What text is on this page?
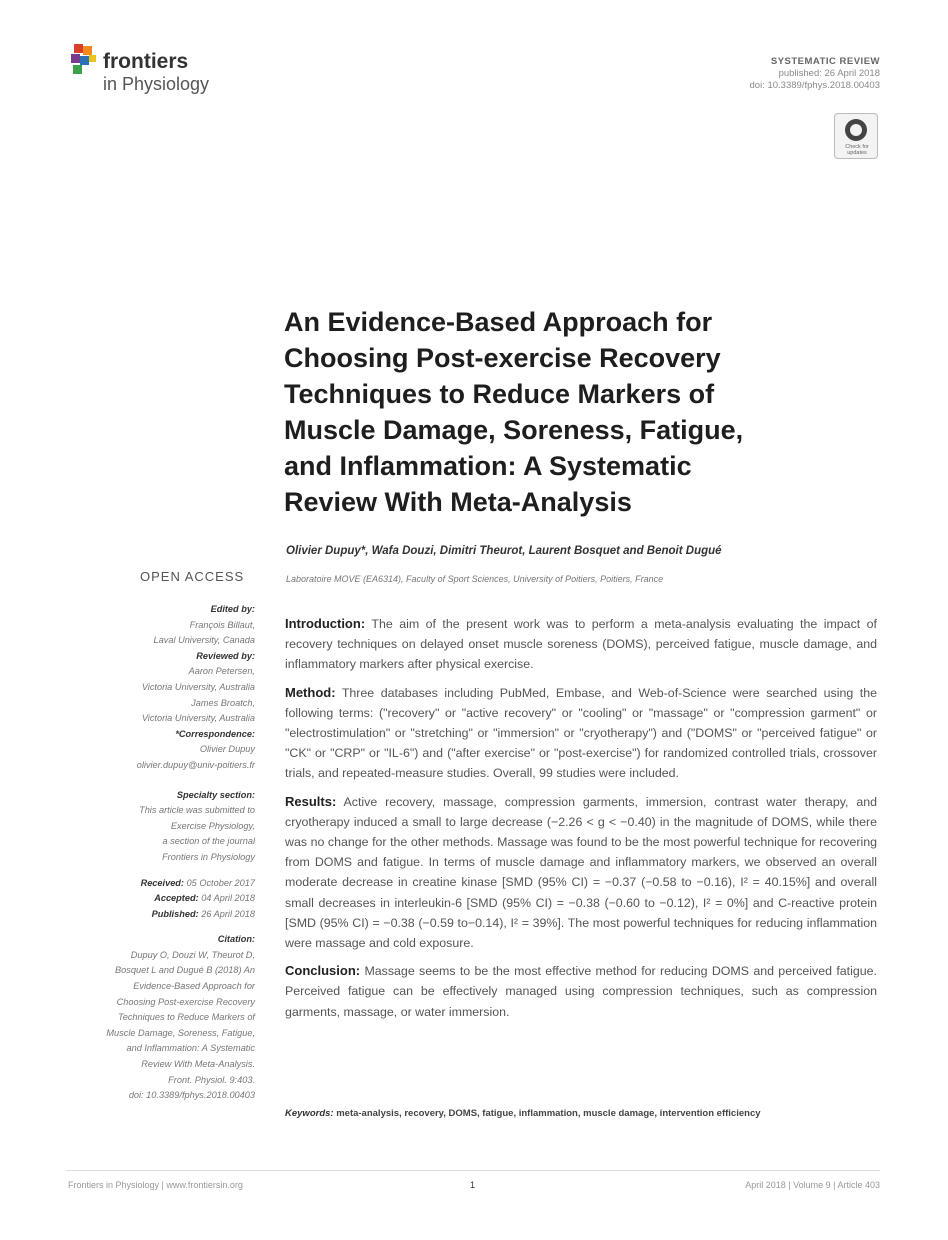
frontiers
in Physiology
SYSTEMATIC REVIEW
published: 26 April 2018
doi: 10.3389/fphys.2018.00403
Check for updates
An Evidence-Based Approach for
Choosing Post-exercise Recovery
Techniques to Reduce Markers of
Muscle Damage, Soreness, Fatigue,
and Inflammation: A Systematic
Review With Meta-Analysis
Olivier Dupuy*, Wafa Douzi, Dimitri Theurot, Laurent Bosquet and Benoit Dugué
Laboratoire MOVE (EA6314), Faculty of Sport Sciences, University of Poitiers, Poitiers, France
OPEN ACCESS
Edited by:
François Billaut,
Laval University, Canada
Reviewed by:
Aaron Petersen,
Victoria University, Australia
James Broatch,
Victoria University, Australia
*Correspondence:
Olivier Dupuy
olivier.dupuy@univ-poitiers.fr
Specialty section:
This article was submitted to
Exercise Physiology,
a section of the journal
Frontiers in Physiology
Received: 05 October 2017
Accepted: 04 April 2018
Published: 26 April 2018
Citation:
Dupuy O, Douzi W, Theurot D,
Bosquet L and Dugué B (2018) An
Evidence-Based Approach for
Choosing Post-exercise Recovery
Techniques to Reduce Markers of
Muscle Damage, Soreness, Fatigue,
and Inflammation: A Systematic
Review With Meta-Analysis.
Front. Physiol. 9:403.
doi: 10.3389/fphys.2018.00403

Introduction: The aim of the present work was to perform a meta-analysis evaluating the impact of recovery techniques on delayed onset muscle soreness (DOMS), perceived fatigue, muscle damage, and inflammatory markers after physical exercise.

Method: Three databases including PubMed, Embase, and Web-of-Science were searched using the following terms: ("recovery" or "active recovery" or "cooling" or "massage" or "compression garment" or "electrostimulation" or "stretching" or "immersion" or "cryotherapy") and ("DOMS" or "perceived fatigue" or "CK" or "CRP" or "IL-6") and ("after exercise" or "post-exercise") for randomized controlled trials, crossover trials, and repeated-measure studies. Overall, 99 studies were included.

Results: Active recovery, massage, compression garments, immersion, contrast water therapy, and cryotherapy induced a small to large decrease (−2.26 < g < −0.40) in the magnitude of DOMS, while there was no change for the other methods. Massage was found to be the most powerful technique for recovering from DOMS and fatigue. In terms of muscle damage and inflammatory markers, we observed an overall moderate decrease in creatine kinase [SMD (95% CI) = −0.37 (−0.58 to −0.16), I² = 40.15%] and overall small decreases in interleukin-6 [SMD (95% CI) = −0.38 (−0.60 to −0.12), I² = 0%] and C-reactive protein [SMD (95% CI) = −0.38 (−0.59 to−0.14), I² = 39%]. The most powerful techniques for reducing inflammation were massage and cold exposure.

Conclusion: Massage seems to be the most effective method for reducing DOMS and perceived fatigue. Perceived fatigue can be effectively managed using compression techniques, such as compression garments, massage, or water immersion.

Keywords: meta-analysis, recovery, DOMS, fatigue, inflammation, muscle damage, intervention efficiency
Frontiers in Physiology | www.frontiersin.org	1	April 2018 | Volume 9 | Article 403
